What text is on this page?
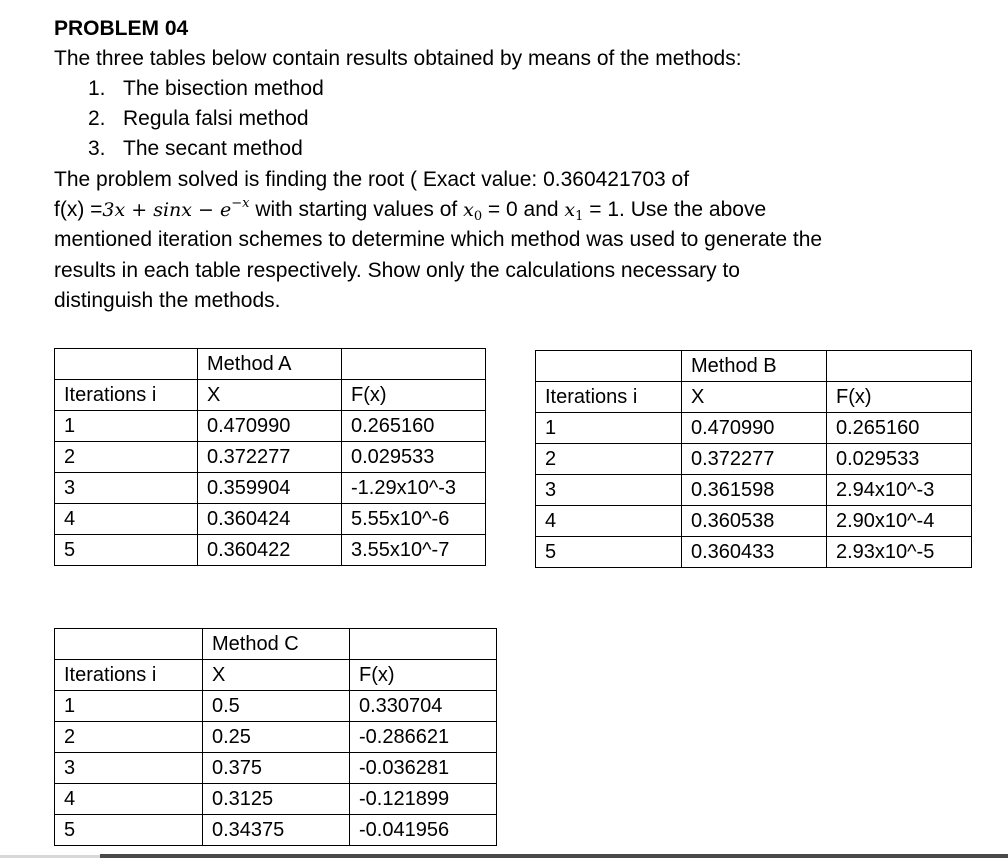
PROBLEM 04
The three tables below contain results obtained by means of the methods:
1. The bisection method
2. Regula falsi method
3. The secant method
The problem solved is finding the root ( Exact value: 0.360421703 of
$f(x) =3x + \sin x - e^{-x}$ with starting values of $x_0 = 0$ and $x_1 = 1$. Use the above
mentioned iteration schemes to determine which method was used to generate the
results in each table respectively. Show only the calculations necessary to
distinguish the methods.
	Method A	
Iterations i	X	F(x)
1	0.470990	0.265160
2	0.372277	0.029533
3	0.359904	-1.29x10^-3
4	0.360424	5.55x10^-6
5	0.360422	3.55x10^-7
	Method B	
Iterations i	X	F(x)
1	0.470990	0.265160
2	0.372277	0.029533
3	0.361598	2.94x10^-3
4	0.360538	2.90x10^-4
5	0.360433	2.93x10^-5
	Method C	
Iterations i	X	F(x)
1	0.5	0.330704
2	0.25	-0.286621
3	0.375	-0.036281
4	0.3125	-0.121899
5	0.34375	-0.041956
